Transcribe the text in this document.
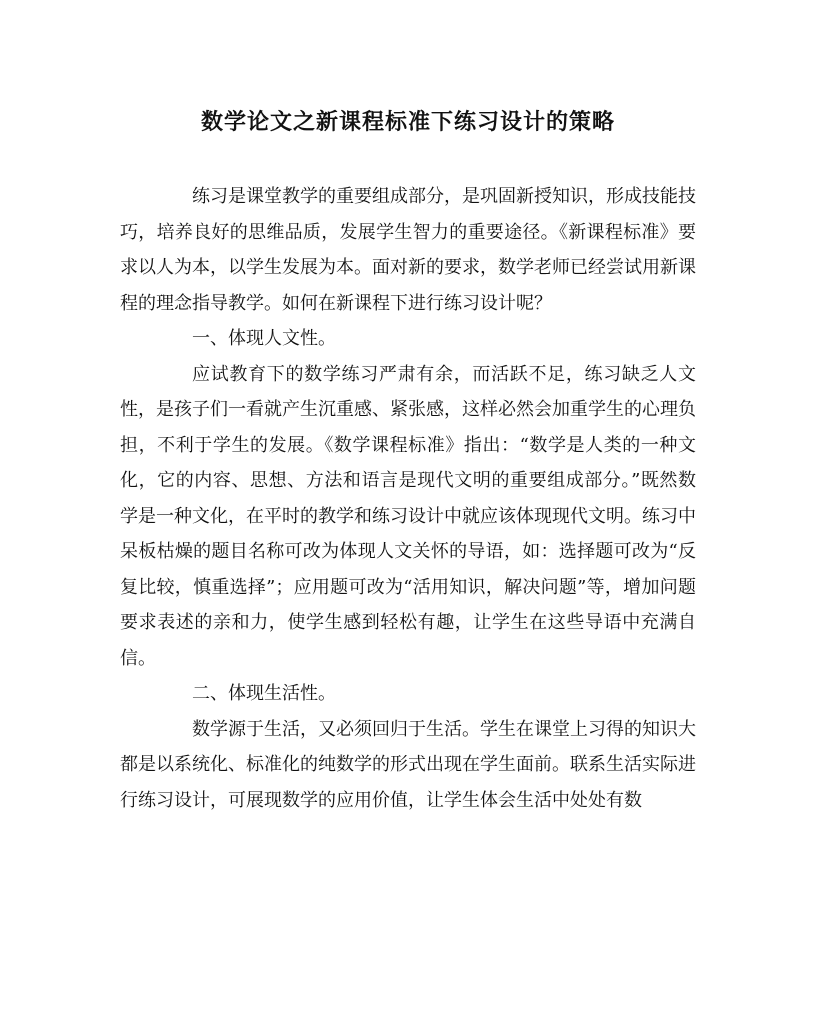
数学论文之新课程标准下练习设计的策略

练习是课堂教学的重要组成部分，是巩固新授知识，形成技能技巧，培养良好的思维品质，发展学生智力的重要途径。《新课程标准》要求以人为本，以学生发展为本。面对新的要求，数学老师已经尝试用新课程的理念指导教学。如何在新课程下进行练习设计呢？

一、体现人文性。

应试教育下的数学练习严肃有余，而活跃不足，练习缺乏人文性，是孩子们一看就产生沉重感、紧张感，这样必然会加重学生的心理负担，不利于学生的发展。《数学课程标准》指出：“数学是人类的一种文化，它的内容、思想、方法和语言是现代文明的重要组成部分。”既然数学是一种文化，在平时的教学和练习设计中就应该体现现代文明。练习中呆板枯燥的题目名称可改为体现人文关怀的导语，如：选择题可改为“反复比较，慎重选择”；应用题可改为“活用知识，解决问题”等，增加问题要求表述的亲和力，使学生感到轻松有趣，让学生在这些导语中充满自信。

二、体现生活性。

数学源于生活，又必须回归于生活。学生在课堂上习得的知识大都是以系统化、标准化的纯数学的形式出现在学生面前。联系生活实际进行练习设计，可展现数学的应用价值，让学生体会生活中处处有数
